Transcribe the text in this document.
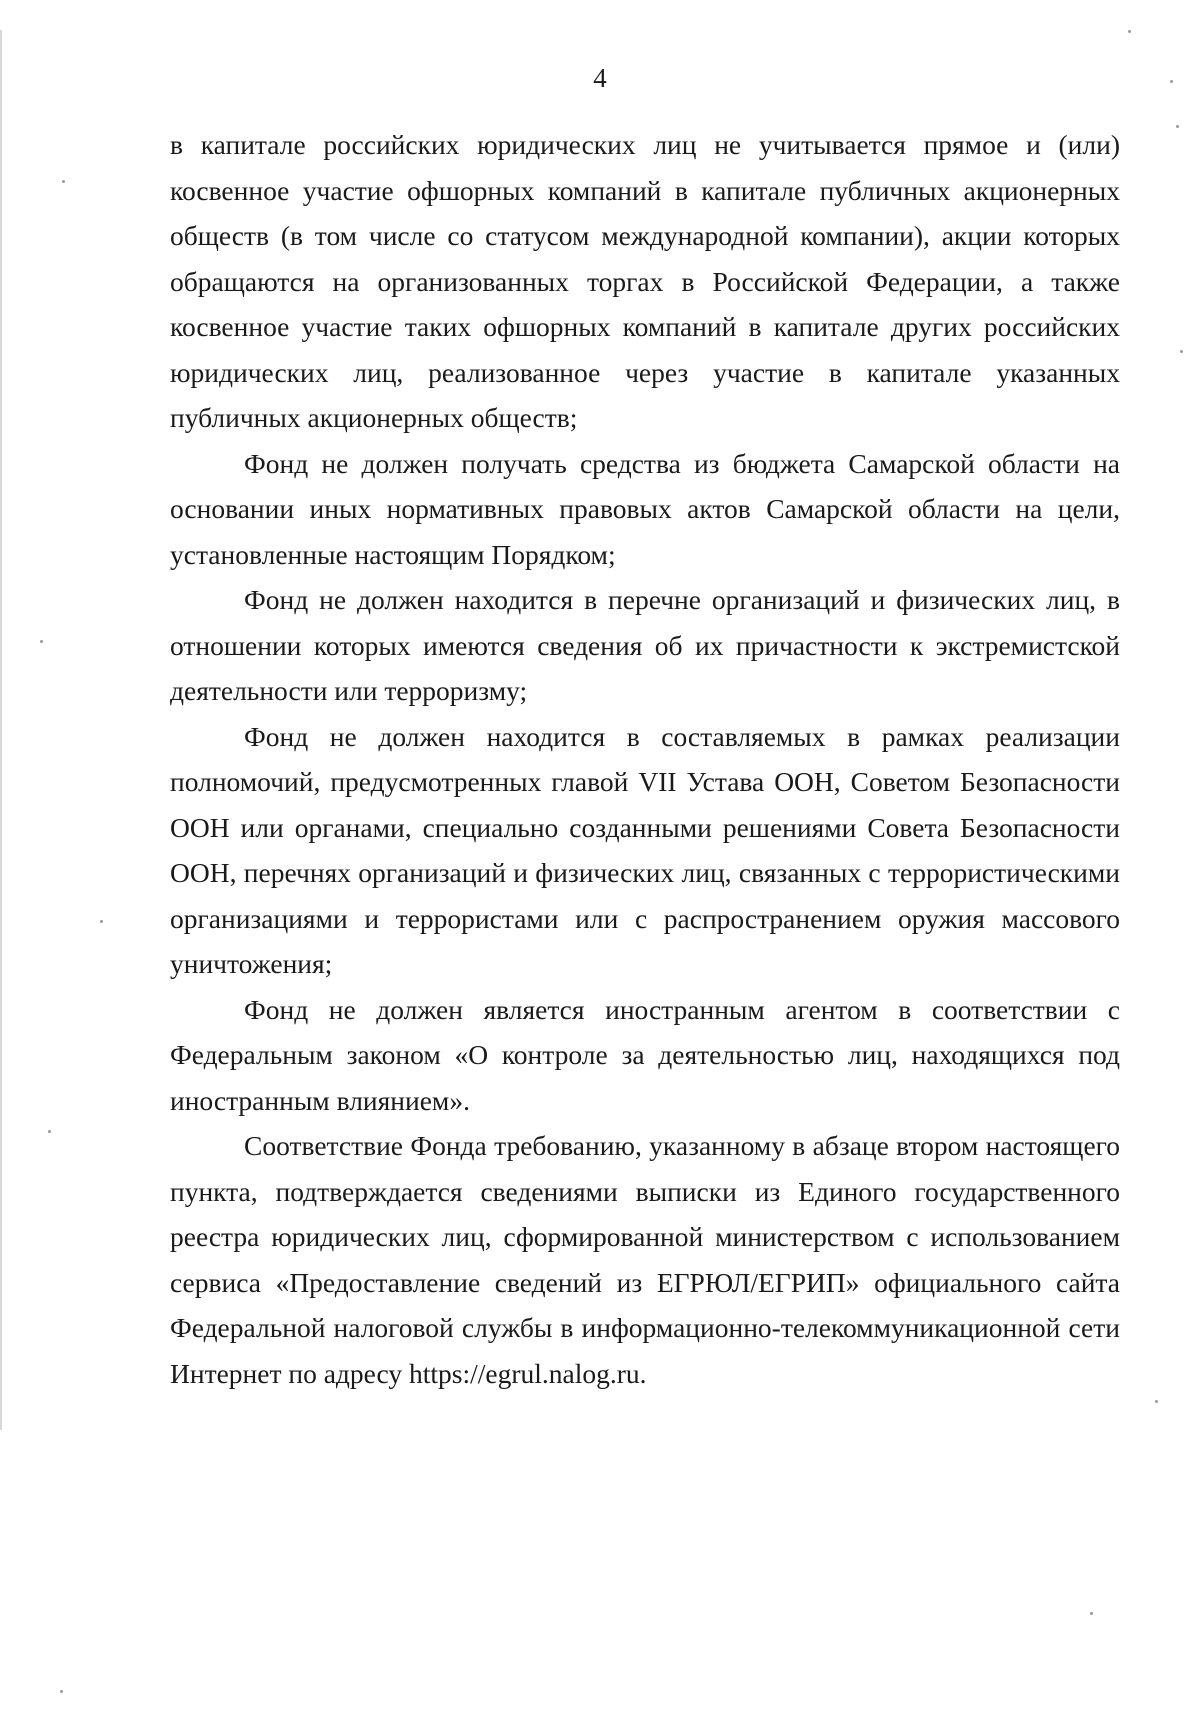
4

в капитале российских юридических лиц не учитывается прямое и (или) косвенное участие офшорных компаний в капитале публичных акционерных обществ (в том числе со статусом международной компании), акции которых обращаются на организованных торгах в Российской Федерации, а также косвенное участие таких офшорных компаний в капитале других российских юридических лиц, реализованное через участие в капитале указанных публичных акционерных обществ;

Фонд не должен получать средства из бюджета Самарской области на основании иных нормативных правовых актов Самарской области на цели, установленные настоящим Порядком;

Фонд не должен находится в перечне организаций и физических лиц, в отношении которых имеются сведения об их причастности к экстремистской деятельности или терроризму;

Фонд не должен находится в составляемых в рамках реализации полномочий, предусмотренных главой VII Устава ООН, Советом Безопасности ООН или органами, специально созданными решениями Совета Безопасности ООН, перечнях организаций и физических лиц, связанных с террористическими организациями и террористами или с распространением оружия массового уничтожения;

Фонд не должен является иностранным агентом в соответствии с Федеральным законом «О контроле за деятельностью лиц, находящихся под иностранным влиянием».

Соответствие Фонда требованию, указанному в абзаце втором настоящего пункта, подтверждается сведениями выписки из Единого государственного реестра юридических лиц, сформированной министерством с использованием сервиса «Предоставление сведений из ЕГРЮЛ/ЕГРИП» официального сайта Федеральной налоговой службы в информационно-телекоммуникационной сети Интернет по адресу https://egrul.nalog.ru.
